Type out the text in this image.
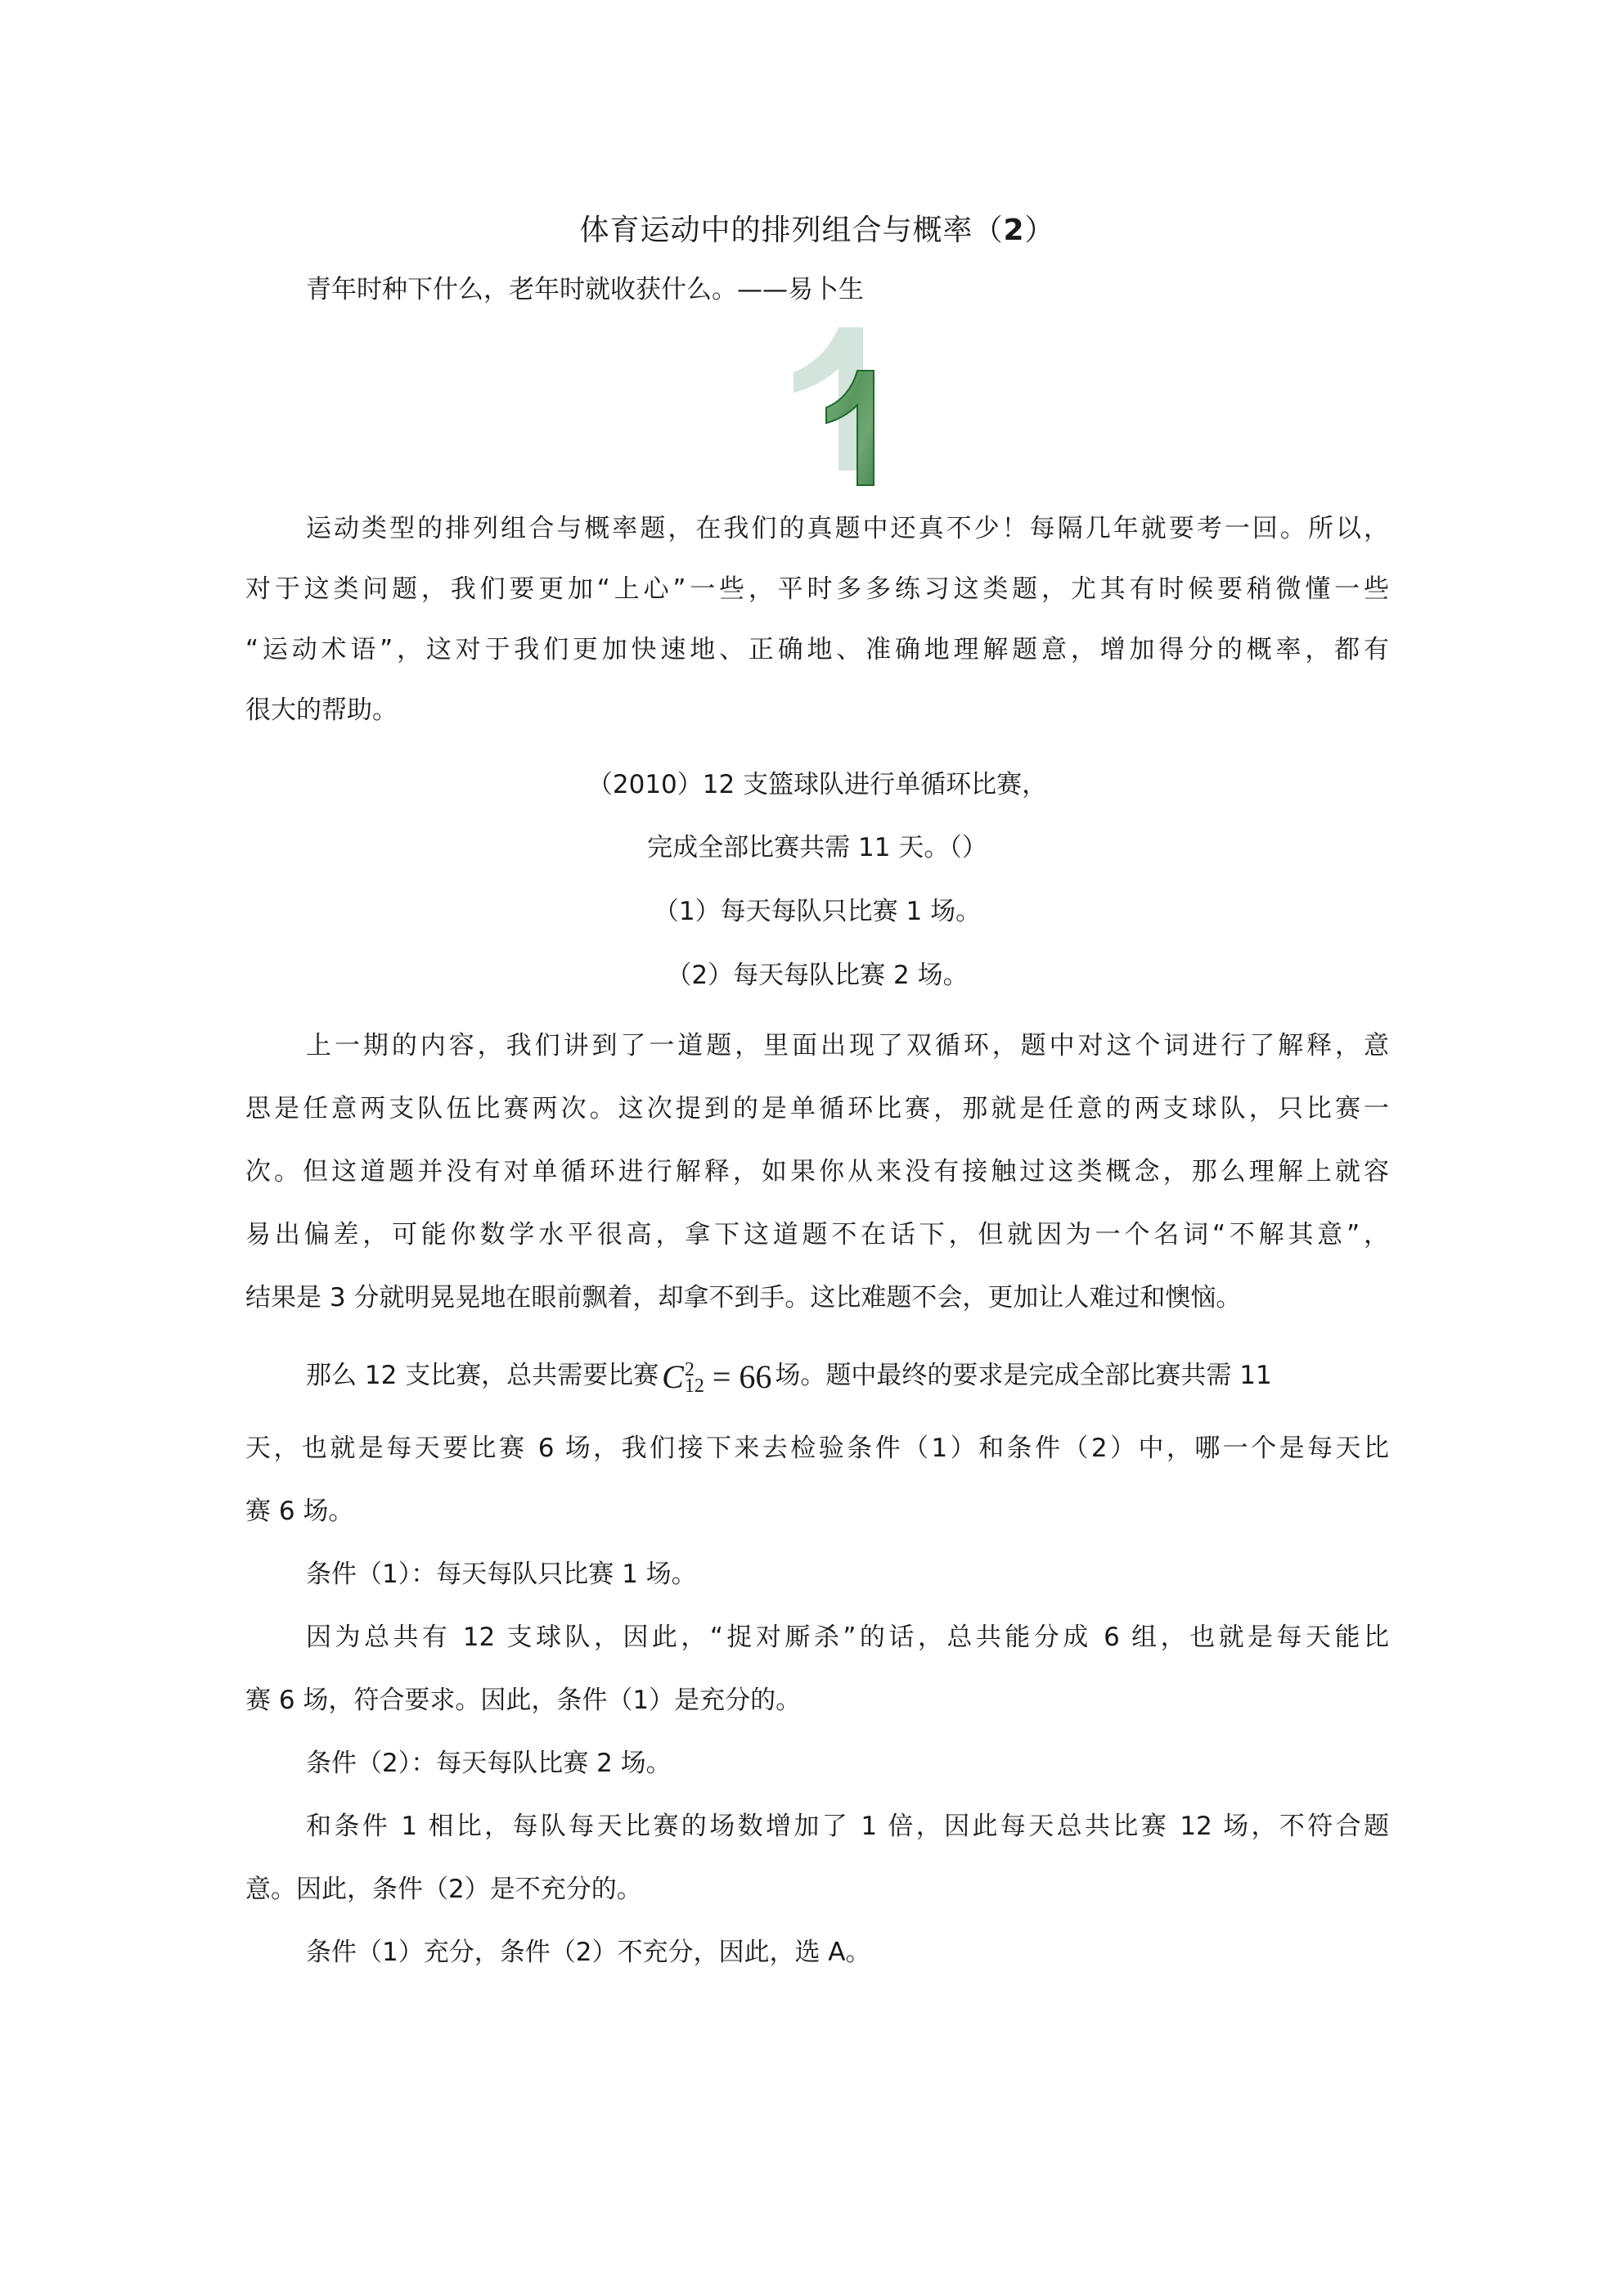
体育运动中的排列组合与概率（2）
青年时种下什么，老年时就收获什么。——易卜生
运动类型的排列组合与概率题，在我们的真题中还真不少！每隔几年就要考一回。所以，
对于这类问题，我们要更加“上心”一些，平时多多练习这类题，尤其有时候要稍微懂一些
“运动术语”，这对于我们更加快速地、正确地、准确地理解题意，增加得分的概率，都有
很大的帮助。
（2010）12 支篮球队进行单循环比赛，
完成全部比赛共需 11 天。（）
（1）每天每队只比赛 1 场。
（2）每天每队比赛 2 场。
上一期的内容，我们讲到了一道题，里面出现了双循环，题中对这个词进行了解释，意
思是任意两支队伍比赛两次。这次提到的是单循环比赛，那就是任意的两支球队，只比赛一
次。但这道题并没有对单循环进行解释，如果你从来没有接触过这类概念，那么理解上就容
易出偏差，可能你数学水平很高，拿下这道题不在话下，但就因为一个名词“不解其意”，
结果是 3 分就明晃晃地在眼前飘着，却拿不到手。这比难题不会，更加让人难过和懊恼。
那么 12 支比赛，总共需要比赛 C 2
12 = 66 场。题中最终的要求是完成全部比赛共需 11
天，也就是每天要比赛 6 场，我们接下来去检验条件（1）和条件（2）中，哪一个是每天比
赛 6 场。
条件（1）：每天每队只比赛 1 场。
因为总共有 12 支球队，因此，“捉对厮杀”的话，总共能分成 6 组，也就是每天能比
赛 6 场，符合要求。因此，条件（1）是充分的。
条件（2）：每天每队比赛 2 场。
和条件 1 相比，每队每天比赛的场数增加了 1 倍，因此每天总共比赛 12 场，不符合题
意。因此，条件（2）是不充分的。
条件（1）充分，条件（2）不充分，因此，选 A。
